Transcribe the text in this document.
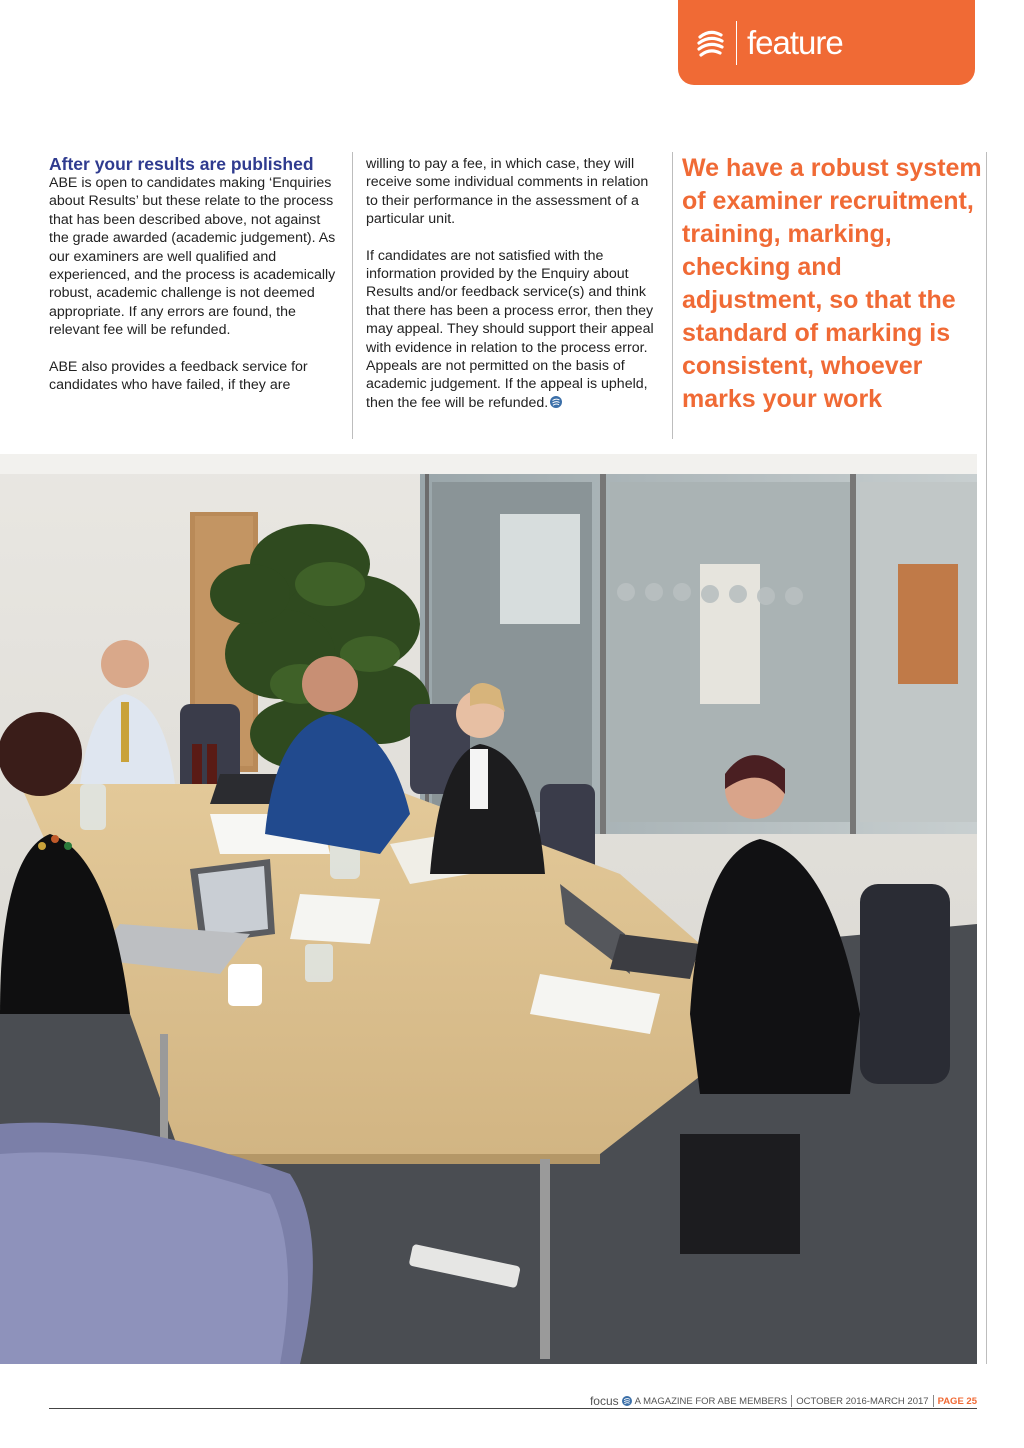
feature
After your results are published

ABE is open to candidates making ‘Enquiries about Results’ but these relate to the process that has been described above, not against the grade awarded (academic judgement). As our examiners are well qualified and experienced, and the process is academically robust, academic challenge is not deemed appropriate. If any errors are found, the relevant fee will be refunded.

ABE also provides a feedback service for candidates who have failed, if they are

willing to pay a fee, in which case, they will receive some individual comments in relation to their performance in the assessment of a particular unit.

If candidates are not satisfied with the information provided by the Enquiry about Results and/or feedback service(s) and think that there has been a process error, then they may appeal. They should support their appeal with evidence in relation to the process error. Appeals are not permitted on the basis of academic judgement. If the appeal is upheld, then the fee will be refunded.

We have a robust system of examiner recruitment, training, marking, checking and adjustment, so that the standard of marking is consistent, whoever marks your work
focus A MAGAZINE FOR ABE MEMBERS OCTOBER 2016-MARCH 2017 PAGE 25
